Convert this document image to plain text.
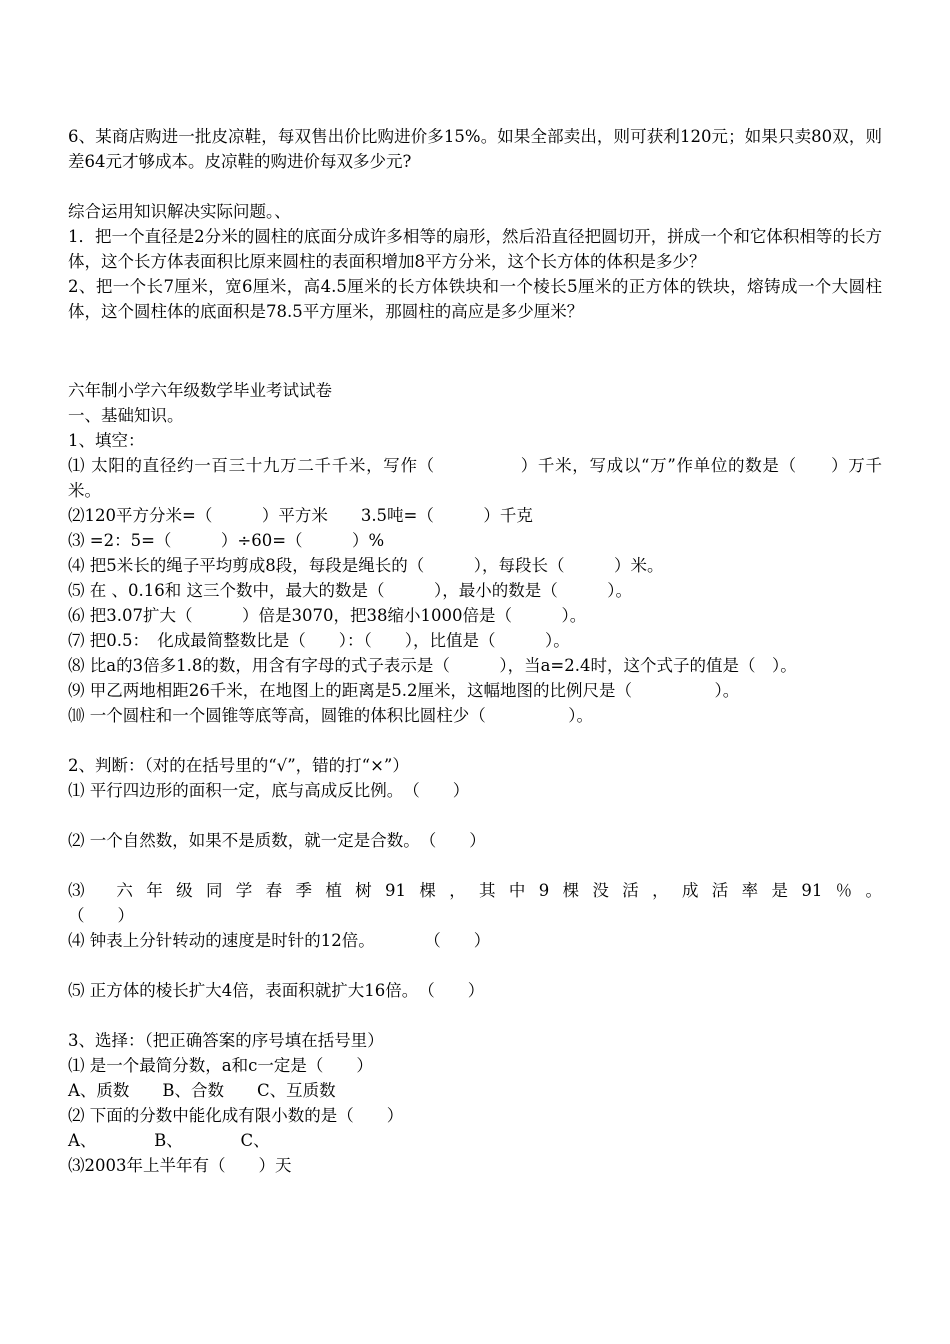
6、某商店购进一批皮凉鞋，每双售出价比购进价多15%。如果全部卖出，则可获利120元；如果只卖80双，则差64元才够成本。皮凉鞋的购进价每双多少元?

综合运用知识解决实际问题。、

1．把一个直径是2分米的圆柱的底面分成许多相等的扇形，然后沿直径把圆切开，拼成一个和它体积相等的长方体，这个长方体表面积比原来圆柱的表面积增加8平方分米，这个长方体的体积是多少？

2、把一个长7厘米，宽6厘米，高4.5厘米的长方体铁块和一个棱长5厘米的正方体的铁块，熔铸成一个大圆柱体，这个圆柱体的底面积是78.5平方厘米，那圆柱的高应是多少厘米？

六年制小学六年级数学毕业考试试卷

一、基础知识。

1、填空：

⑴ 太阳的直径约一百三十九万二千千米，写作（　　　　　）千米，写成以“万”作单位的数是（　　）万千米。

⑵120平方分米=（　　　）平方米　　3.5吨=（　　　）千克

⑶ =2：5=（　　　）÷60=（　　　）%

⑷ 把5米长的绳子平均剪成8段，每段是绳长的（　　　），每段长（　　　）米。

⑸ 在 、0.16和 这三个数中，最大的数是（　　　），最小的数是（　　　）。

⑹ 把3.07扩大（　　　）倍是3070，把38缩小1000倍是（　　　）。

⑺ 把0.5：　化成最简整数比是（　　）：（　　），比值是（　　　）。

⑻ 比a的3倍多1.8的数，用含有字母的式子表示是（　　　），当a=2.4时，这个式子的值是（　）。

⑼ 甲乙两地相距26千米，在地图上的距离是5.2厘米，这幅地图的比例尺是（　　　　　）。

⑽ 一个圆柱和一个圆锥等底等高，圆锥的体积比圆柱少（　　　　　）。

2、判断：（对的在括号里的“√”，错的打“×”）

⑴ 平行四边形的面积一定，底与高成反比例。　（　　）

⑵ 一个自然数，如果不是质数，就一定是合数。　（　　）

⑶ 六年级同学春季植树91棵，其中9棵没活，成活率是91％。

（　　）

⑷ 钟表上分针转动的速度是时针的12倍。　　　　（　　）

⑸ 正方体的棱长扩大4倍，表面积就扩大16倍。　（　　）

3、选择：（把正确答案的序号填在括号里）

⑴ 是一个最简分数，a和c一定是（　　）

A、质数　　B、合数　　C、互质数

⑵ 下面的分数中能化成有限小数的是（　　）

A、　　　　B、　　　　C、

⑶2003年上半年有（　　）天
